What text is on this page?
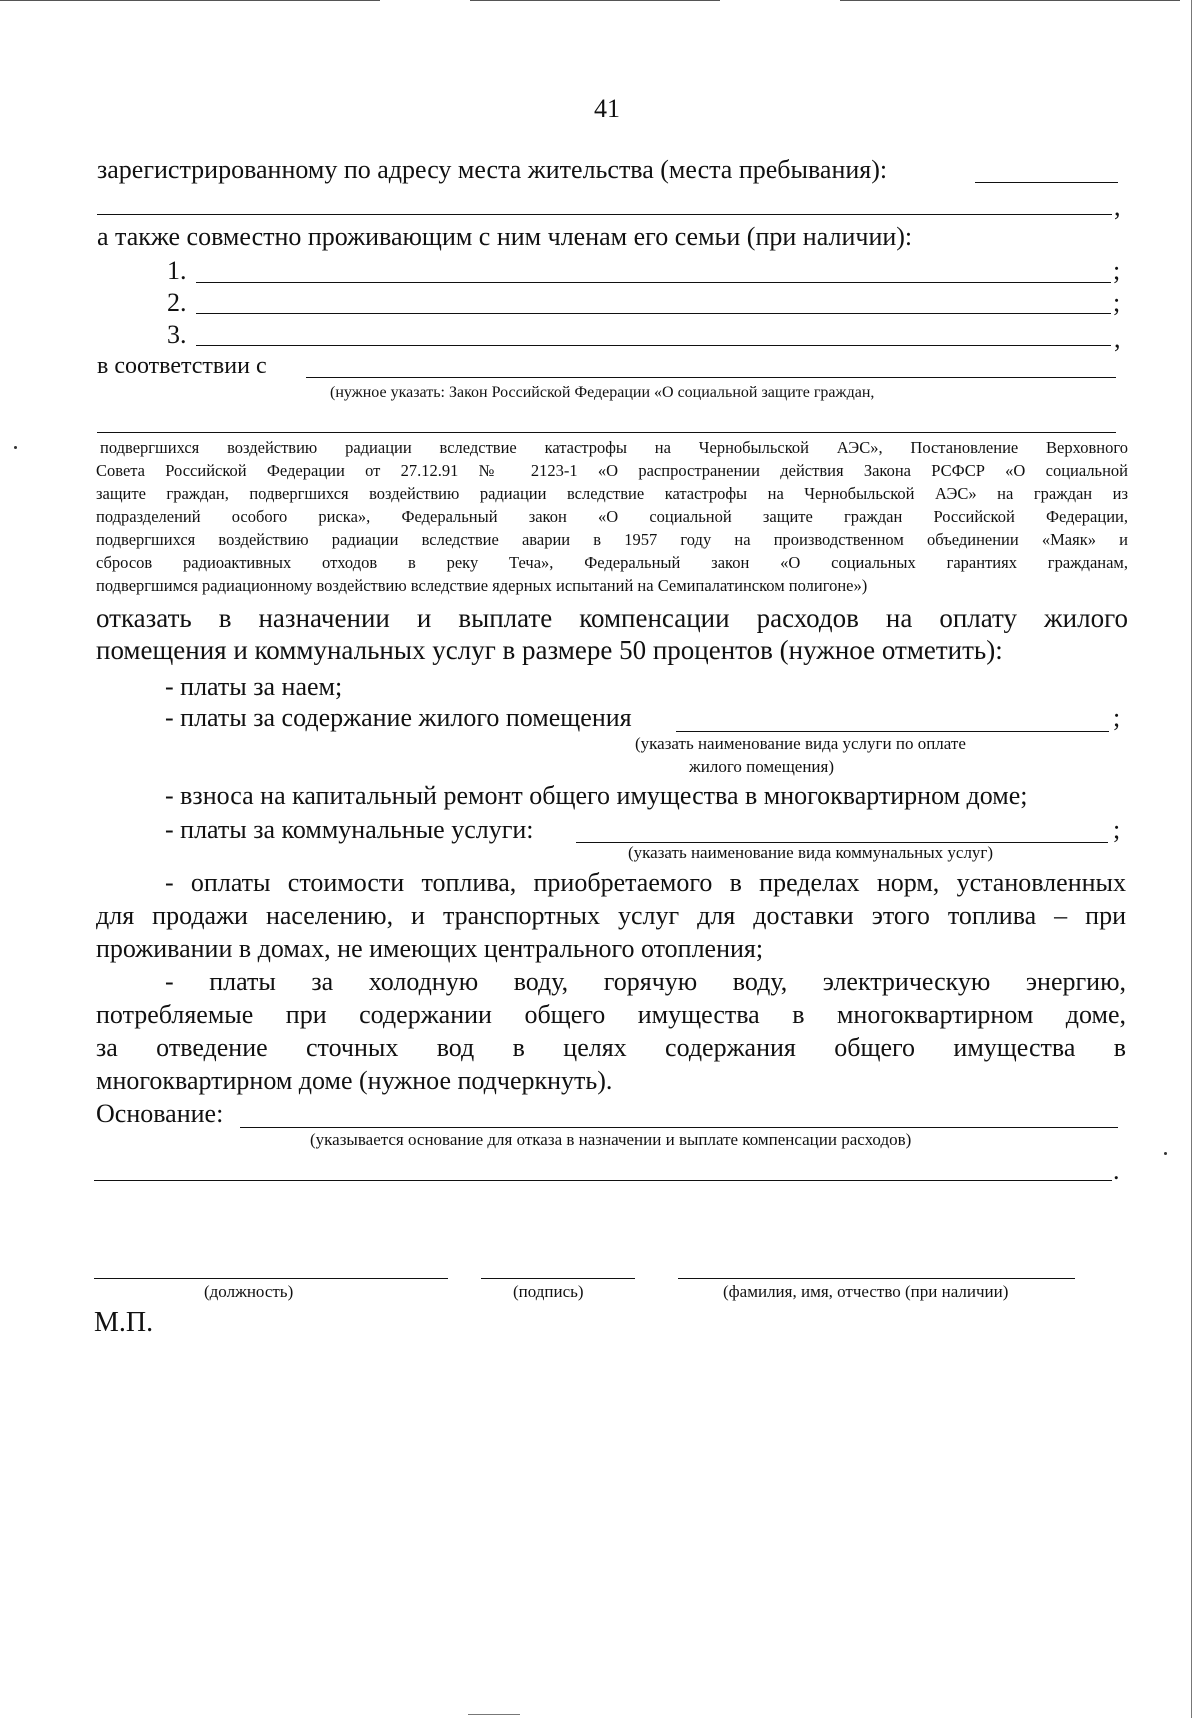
41
зарегистрированному по адресу места жительства (места пребывания):
,
а также совместно проживающим с ним членам его семьи (при наличии):
1.	;
2.	;
3.	,
в соответствии с
(нужное указать: Закон Российской Федерации «О социальной защите граждан,
подвергшихся воздействию радиации вследствие катастрофы на Чернобыльской АЭС», Постановление Верховного
Совета Российской Федерации от 27.12.91 № 2123-1 «О распространении действия Закона РСФСР «О социальной
защите граждан, подвергшихся воздействию радиации вследствие катастрофы на Чернобыльской АЭС» на граждан из
подразделений особого риска», Федеральный закон «О социальной защите граждан Российской Федерации,
подвергшихся воздействию радиации вследствие аварии в 1957 году на производственном объединении «Маяк» и
сбросов радиоактивных отходов в реку Теча», Федеральный закон «О социальных гарантиях гражданам,
подвергшимся радиационному воздействию вследствие ядерных испытаний на Семипалатинском полигоне»)
отказать в назначении и выплате компенсации расходов на оплату жилого
помещения и коммунальных услуг в размере 50 процентов (нужное отметить):
- платы за наем;
- платы за содержание жилого помещения	;
(указать наименование вида услуги по оплате
жилого помещения)
- взноса на капитальный ремонт общего имущества в многоквартирном доме;
- платы за коммунальные услуги:	;
(указать наименование вида коммунальных услуг)
- оплаты стоимости топлива, приобретаемого в пределах норм, установленных
для продажи населению, и транспортных услуг для доставки этого топлива – при
проживании в домах, не имеющих центрального отопления;
- платы за холодную воду, горячую воду, электрическую энергию,
потребляемые при содержании общего имущества в многоквартирном доме,
за отведение сточных вод в целях содержания общего имущества в
многоквартирном доме (нужное подчеркнуть).
Основание:
(указывается основание для отказа в назначении и выплате компенсации расходов)
.
(должность)	(подпись)	(фамилия, имя, отчество (при наличии)
М.П.
